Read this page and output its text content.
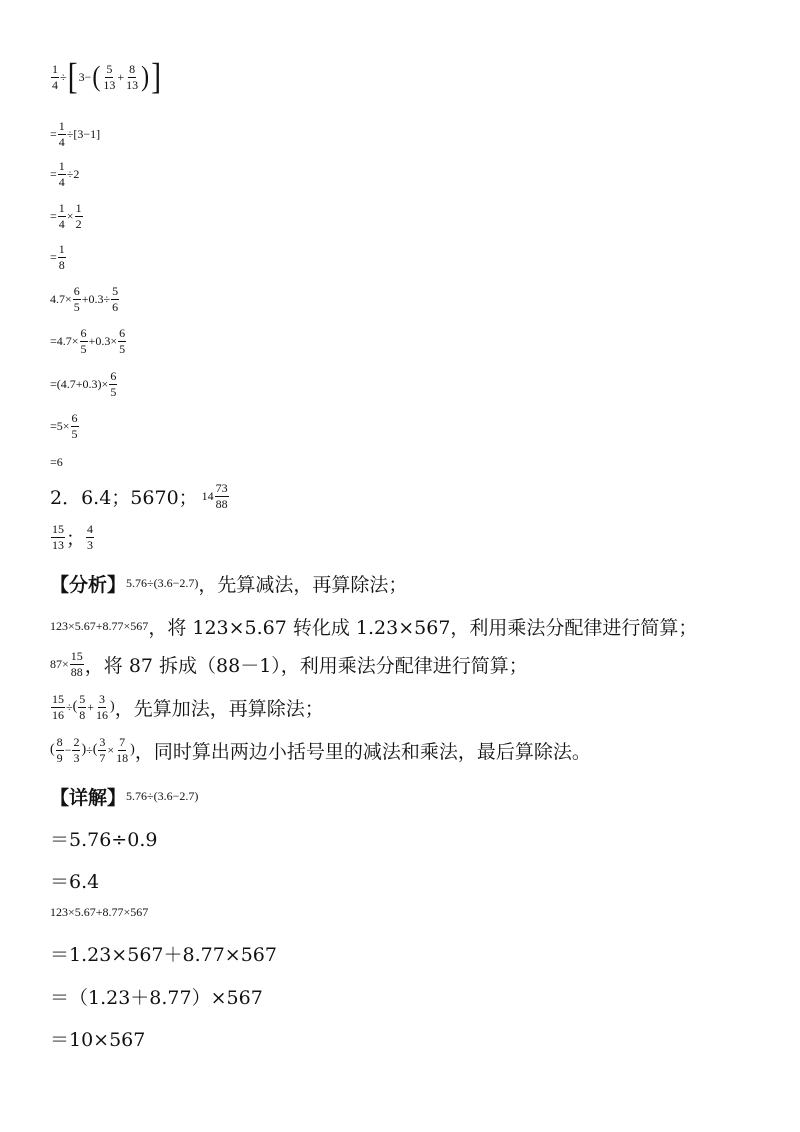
$\frac{1}{4}$ ÷ [ 3− ( $\frac{5}{13} + \frac{8}{13}$ ) ]
= $\frac{1}{4} \div[3-1]$
= $\frac{1}{4} \div 2$
= $\frac{1}{4} \times \frac{1}{2}$
= $\frac{1}{8}$
$4.7\times \frac{6}{5} +0.3\div \frac{5}{6}$
$=4.7\times \frac{6}{5} +0.3\times \frac{6}{5}$
= $(4.7+0.3) \times \frac{6}{5}$
$=5\times \frac{6}{5}$
=6
2．6.4；5670； $14 \frac{73}{88}$
$\frac{15}{13}$ ； $\frac{4}{3}$
【分析】 5.76÷(3.6−2.7) ，先算减法，再算除法；
123×5.67+8.77×567 ，将 123×5.67 转化成 1.23×567，利用乘法分配律进行简算；
$87\times \frac{15}{88}$ ，将 87 拆成（88－1），利用乘法分配律进行简算；
$\frac{15}{16}$ ÷ ( $\frac{5}{8} + \frac{3}{16}$ ) ，先算加法，再算除法；
( $\frac{8}{9} - \frac{2}{3}$ ) ÷ ( $\frac{3}{7} \times \frac{7}{18}$ ) ，同时算出两边小括号里的减法和乘法，最后算除法。
【详解】 5.76÷(3.6−2.7)
＝5.76÷0.9
＝6.4
123×5.67+8.77×567
＝1.23×567＋8.77×567
＝（1.23＋8.77）×567
＝10×567
